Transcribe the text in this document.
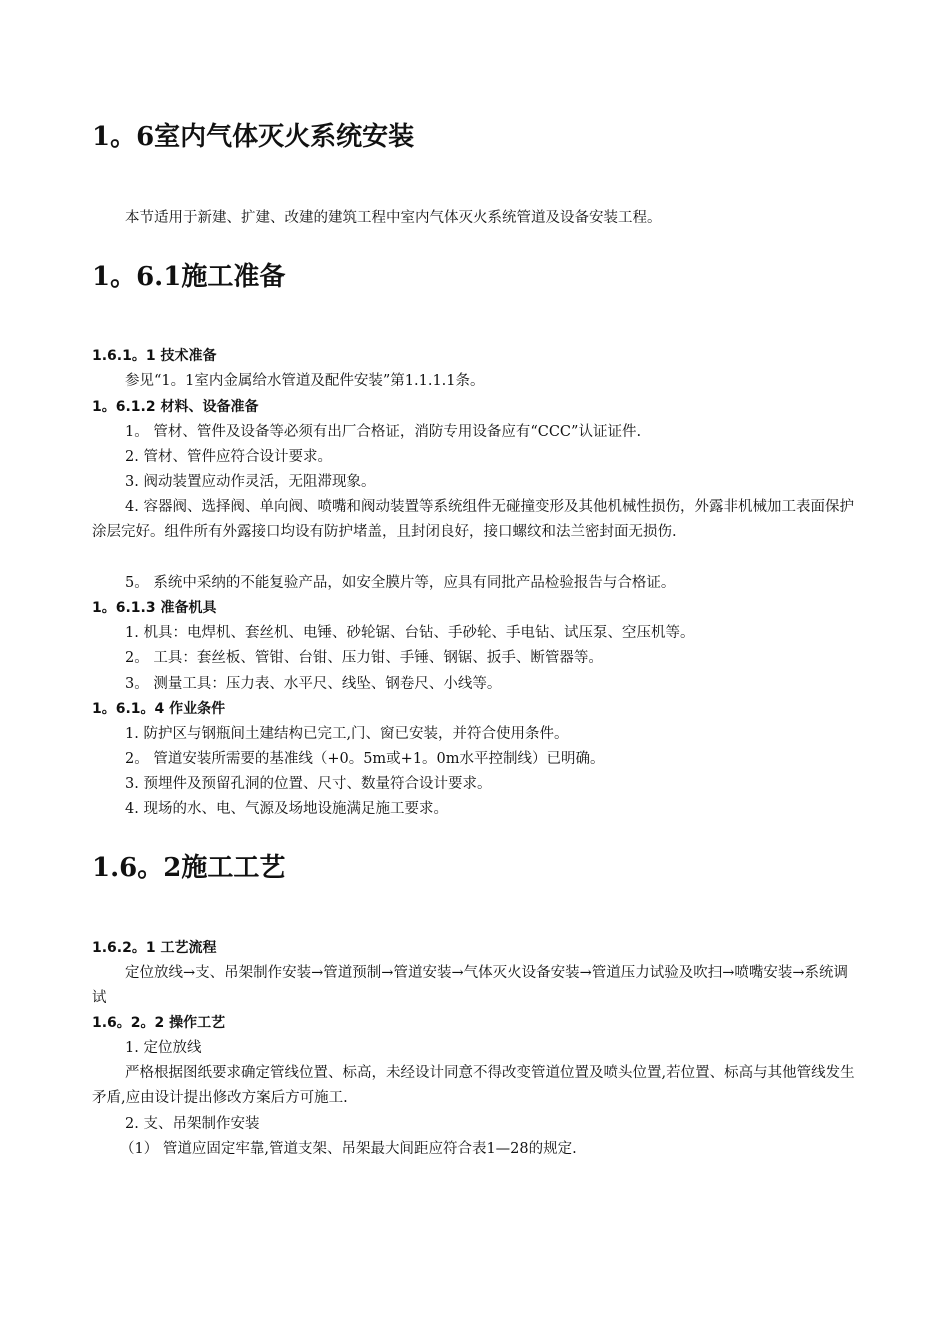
1。6室内气体灭火系统安装

本节适用于新建、扩建、改建的建筑工程中室内气体灭火系统管道及设备安装工程。

1。6.1施工准备
1.6.1。1 技术准备

参见“1。1室内金属给水管道及配件安装”第1.1.1.1条。

1。6.1.2 材料、设备准备

1。 管材、管件及设备等必须有出厂合格证，消防专用设备应有“CCC”认证证件.

2. 管材、管件应符合设计要求。

3. 阀动装置应动作灵活，无阻滞现象。

4. 容器阀、选择阀、单向阀、喷嘴和阀动装置等系统组件无碰撞变形及其他机械性损伤，外露非机械加工表面保护涂层完好。组件所有外露接口均设有防护堵盖，且封闭良好，接口螺纹和法兰密封面无损伤.

5。 系统中采纳的不能复验产品，如安全膜片等，应具有同批产品检验报告与合格证。

1。6.1.3 准备机具

1. 机具：电焊机、套丝机、电锤、砂轮锯、台钻、手砂轮、手电钻、试压泵、空压机等。

2。 工具：套丝板、管钳、台钳、压力钳、手锤、钢锯、扳手、断管器等。

3。 测量工具：压力表、水平尺、线坠、钢卷尺、小线等。

1。6.1。4 作业条件

1. 防护区与钢瓶间土建结构已完工,门、窗已安装，并符合使用条件。

2。 管道安装所需要的基准线（+0。5m或+1。0m水平控制线）已明确。

3. 预埋件及预留孔洞的位置、尺寸、数量符合设计要求。

4. 现场的水、电、气源及场地设施满足施工要求。

1.6。2施工工艺
1.6.2。1 工艺流程

定位放线→支、吊架制作安装→管道预制→管道安装→气体灭火设备安装→管道压力试验及吹扫→喷嘴安装→系统调试

1.6。2。2 操作工艺

1. 定位放线

严格根据图纸要求确定管线位置、标高，未经设计同意不得改变管道位置及喷头位置,若位置、标高与其他管线发生矛盾,应由设计提出修改方案后方可施工.

2. 支、吊架制作安装

（1） 管道应固定牢靠,管道支架、吊架最大间距应符合表1—28的规定.
